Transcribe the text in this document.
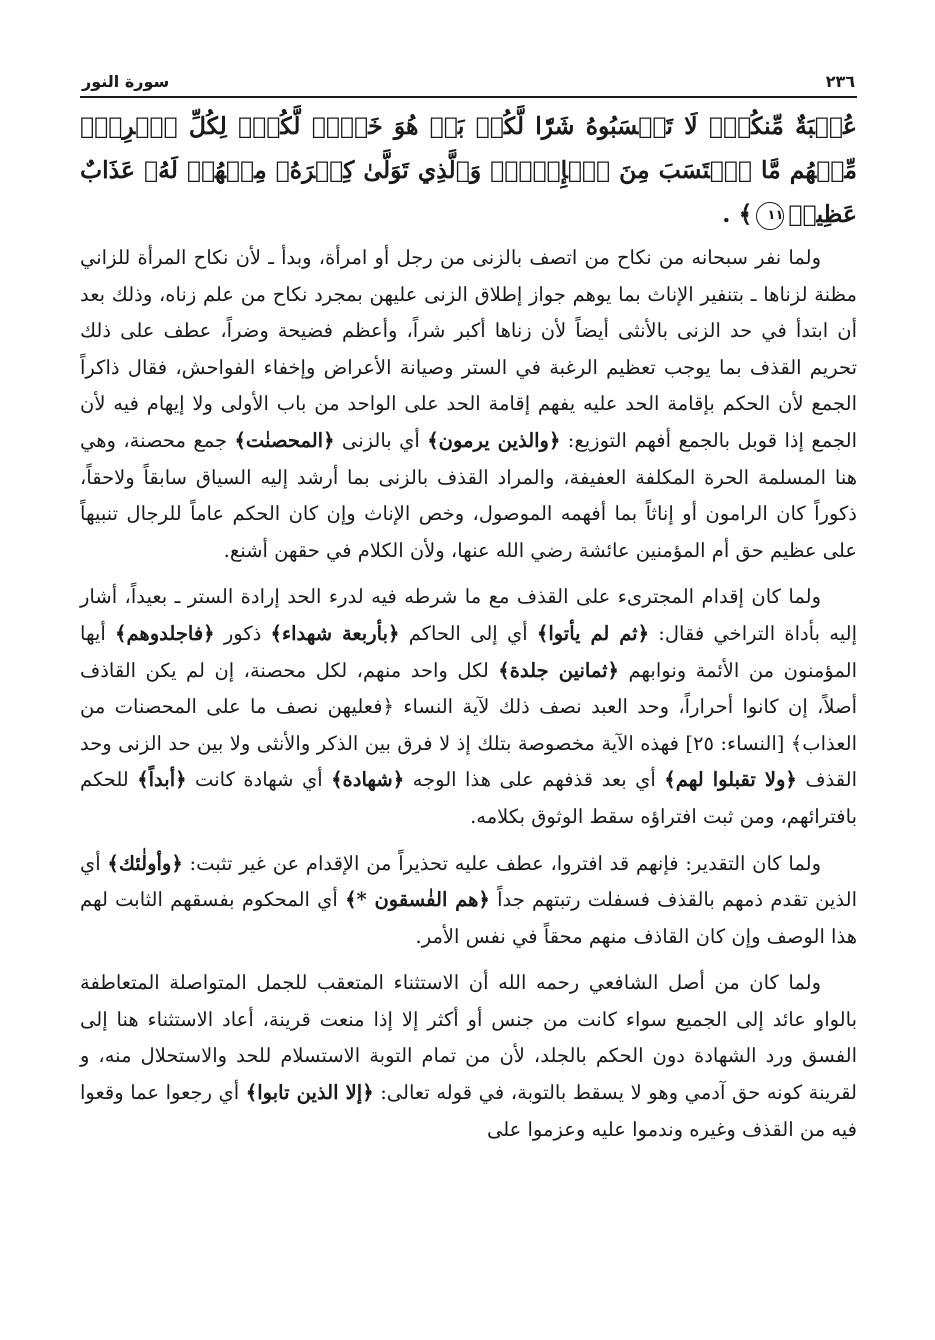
٢٣٦
سورة النور

عُصۡبَةٌ مِّنكُمۡۚ لَا تَحۡسَبُوهُ شَرّٗا لَّكُمۖ بَلۡ هُوَ خَيۡرٞ لَّكُمۡۚ لِكُلِّ ٱمۡرِيٕٖ مِّنۡهُم مَّا ٱكۡتَسَبَ مِنَ ٱلۡإِثۡمِۚ وَٱلَّذِي تَوَلَّىٰ كِبۡرَهُۥ مِنۡهُمۡ لَهُۥ عَذَابٌ عَظِيمٞ١١﴾ .

ولما نفر سبحانه من نكاح من اتصف بالزنى من رجل أو امرأة، وبدأ ـ لأن نكاح المرأة للزاني مظنة لزناها ـ بتنفير الإناث بما يوهم جواز إطلاق الزنى عليهن بمجرد نكاح من علم زناه، وذلك بعد أن ابتدأ في حد الزنى بالأنثى أيضاً لأن زناها أكبر شراً، وأعظم فضيحة وضراً، عطف على ذلك تحريم القذف بما يوجب تعظيم الرغبة في الستر وصيانة الأعراض وإخفاء الفواحش، فقال ذاكراً الجمع لأن الحكم بإقامة الحد عليه يفهم إقامة الحد على الواحد من باب الأولى ولا إيهام فيه لأن الجمع إذا قوبل بالجمع أفهم التوزيع: ﴿والذين يرمون﴾ أي بالزنى ﴿المحصنٰت﴾ جمع محصنة، وهي هنا المسلمة الحرة المكلفة العفيفة، والمراد القذف بالزنى بما أرشد إليه السياق سابقاً ولاحقاً، ذكوراً كان الرامون أو إناثاً بما أفهمه الموصول، وخص الإناث وإن كان الحكم عاماً للرجال تنبيهاً على عظيم حق أم المؤمنين عائشة رضي الله عنها، ولأن الكلام في حقهن أشنع.

ولما كان إقدام المجترىء على القذف مع ما شرطه فيه لدرء الحد إرادة الستر ـ بعيداً، أشار إليه بأداة التراخي فقال: ﴿ثم لم يأتوا﴾ أي إلى الحاكم ﴿بأربعة شهداء﴾ ذكور ﴿فاجلدوهم﴾ أيها المؤمنون من الأئمة ونوابهم ﴿ثمانين جلدة﴾ لكل واحد منهم، لكل محصنة، إن لم يكن القاذف أصلاً، إن كانوا أحراراً، وحد العبد نصف ذلك لآية النساء ﴿فعليهن نصف ما على المحصنات من العذاب﴾ [النساء: ٢٥] فهذه الآية مخصوصة بتلك إذ لا فرق بين الذكر والأنثى ولا بين حد الزنى وحد القذف ﴿ولا تقبلوا لهم﴾ أي بعد قذفهم على هذا الوجه ﴿شهادة﴾ أي شهادة كانت ﴿أبداً﴾ للحكم بافترائهم، ومن ثبت افتراؤه سقط الوثوق بكلامه.

ولما كان التقدير: فإنهم قد افتروا، عطف عليه تحذيراً من الإقدام عن غير تثبت: ﴿وأولٰئك﴾ أي الذين تقدم ذمهم بالقذف فسفلت رتبتهم جداً ﴿هم الفٰسقون *﴾ أي المحكوم بفسقهم الثابت لهم هذا الوصف وإن كان القاذف منهم محقاً في نفس الأمر.

ولما كان من أصل الشافعي رحمه الله أن الاستثناء المتعقب للجمل المتواصلة المتعاطفة بالواو عائد إلى الجميع سواء كانت من جنس أو أكثر إلا إذا منعت قرينة، أعاد الاستثناء هنا إلى الفسق ورد الشهادة دون الحكم بالجلد، لأن من تمام التوبة الاستسلام للحد والاستحلال منه، و لقرينة كونه حق آدمي وهو لا يسقط بالتوبة، في قوله تعالى: ﴿إلا الذين تابوا﴾ أي رجعوا عما وقعوا فيه من القذف وغيره وندموا عليه وعزموا على
